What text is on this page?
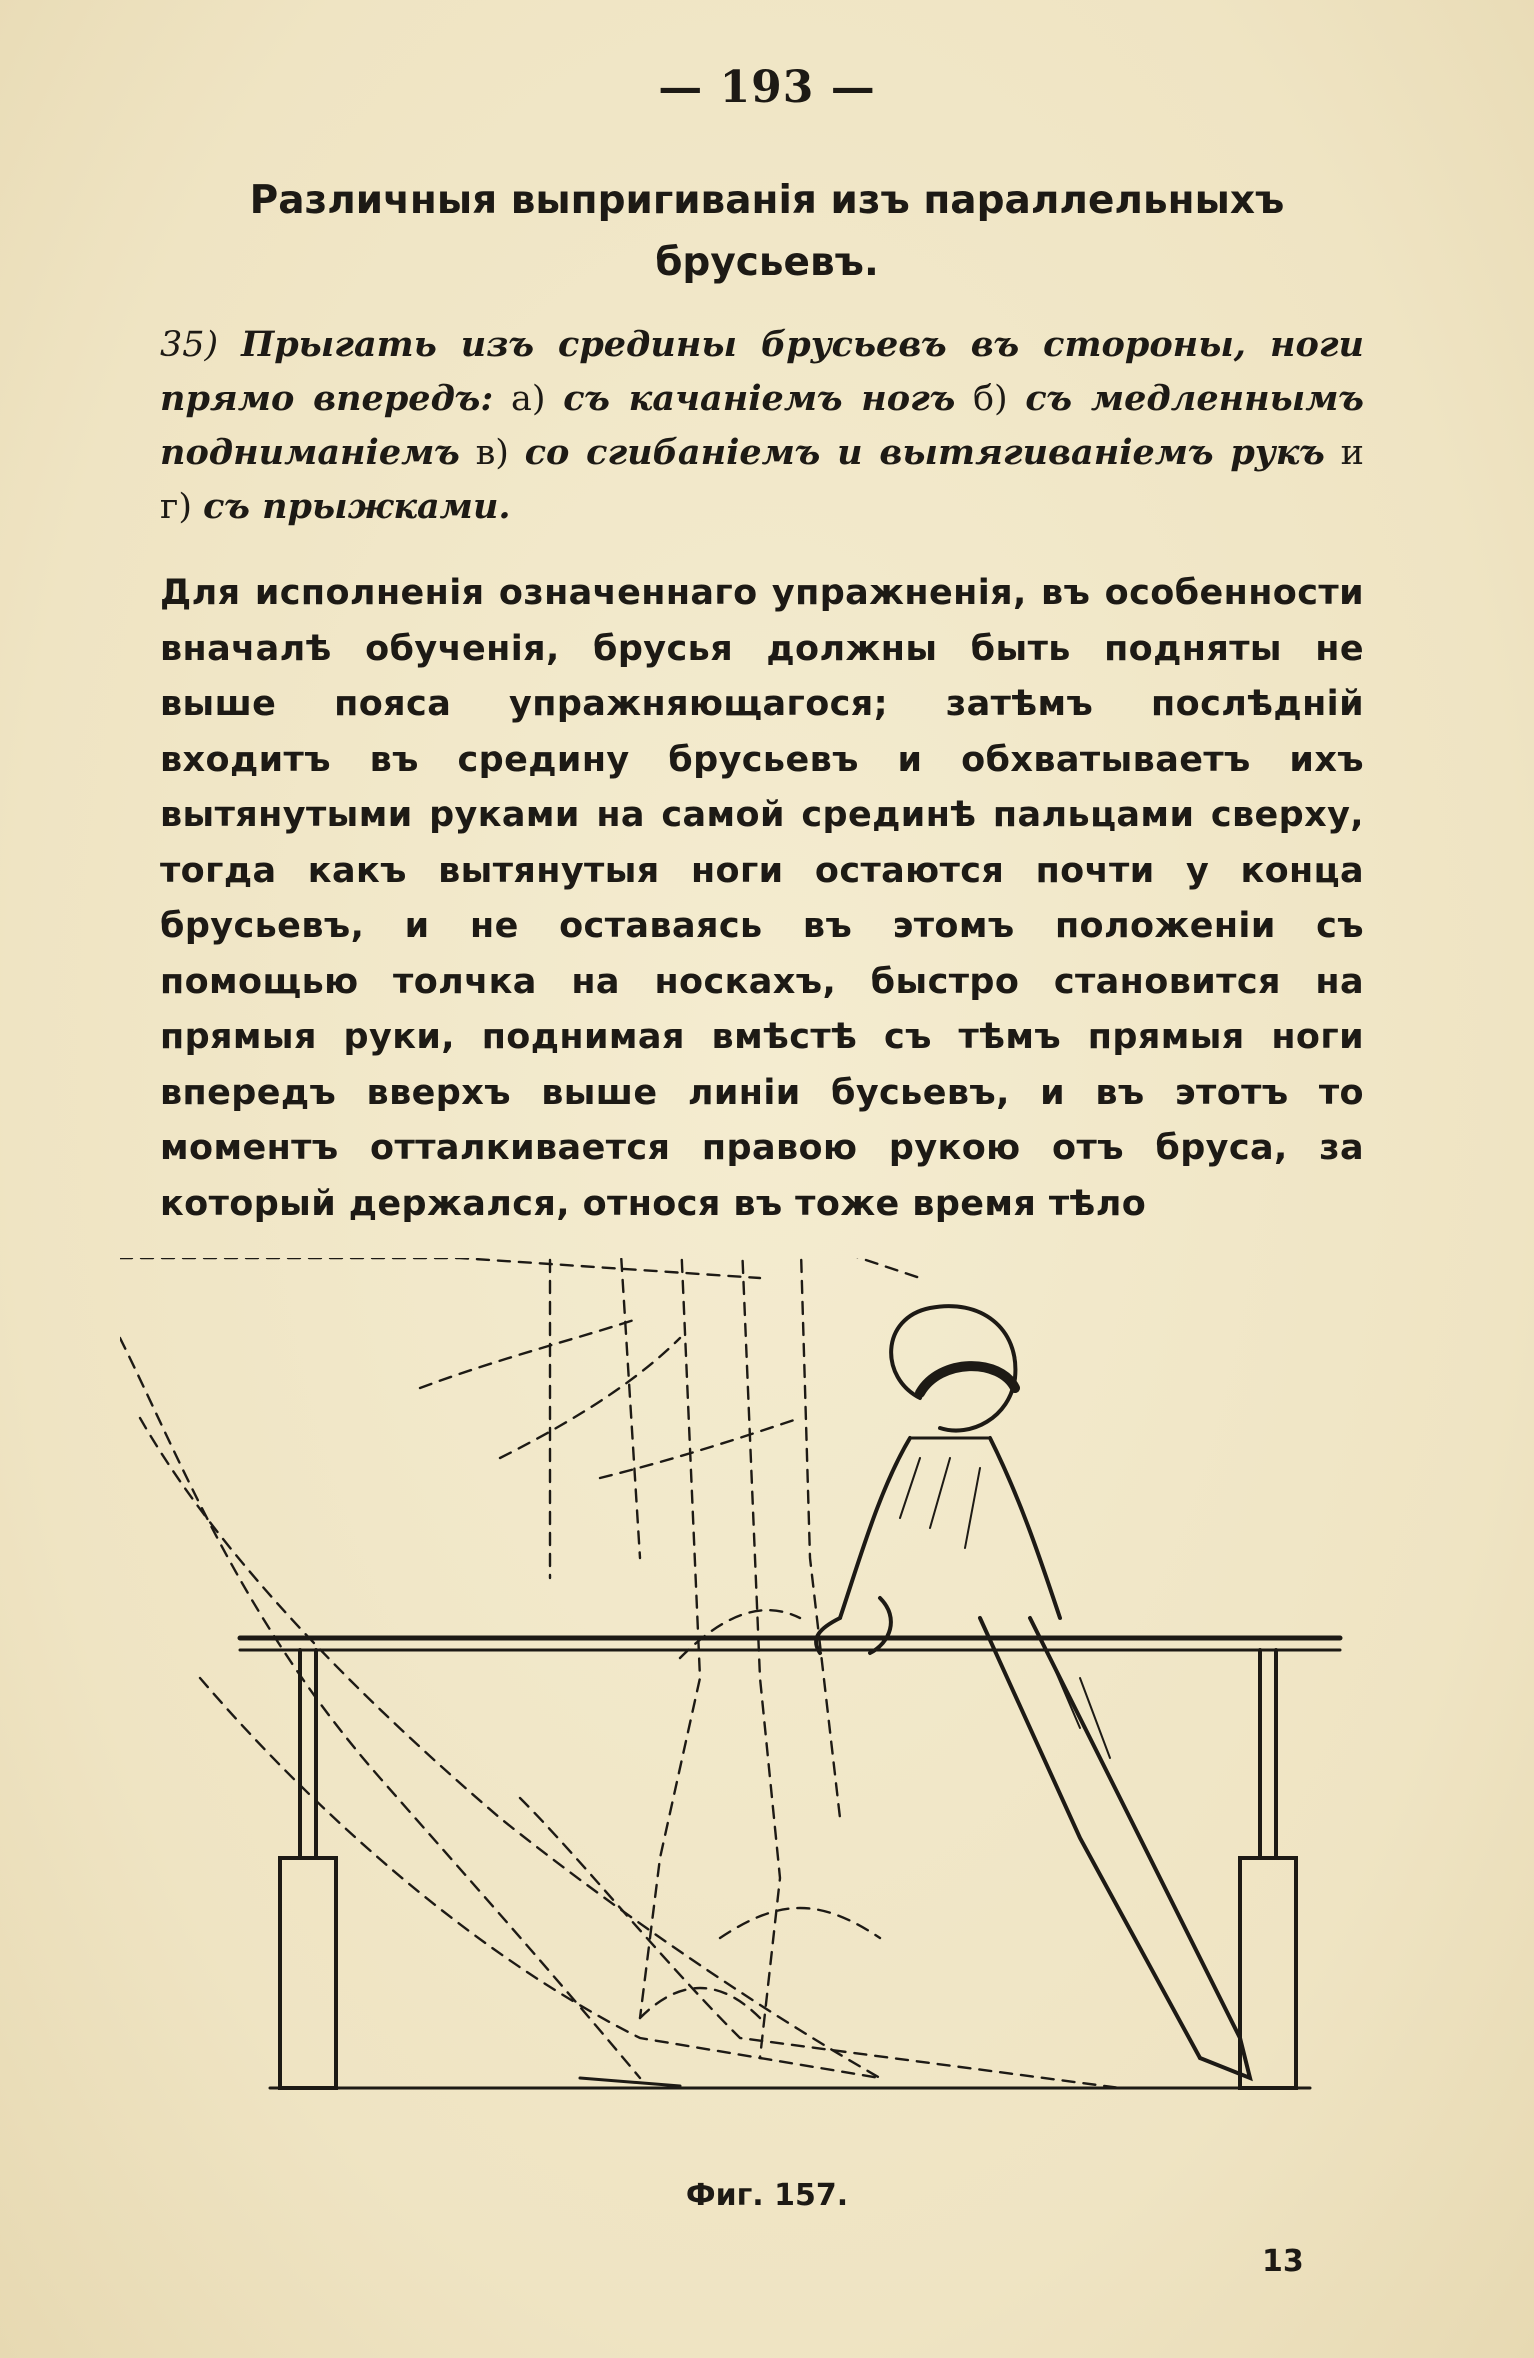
— 193 —
Различныя выпригиванія изъ параллельныхъ брусьевъ.
35) Прыгать изъ средины брусьевъ въ стороны, ноги прямо впередъ: а) съ качаніемъ ногъ б) съ медленнымъ подниманіемъ в) со сгибаніемъ и вытягиваніемъ рукъ и г) съ прыжками.

Для исполненія означеннаго упражненія, въ особенности вначалѣ обученія, брусья должны быть подняты не выше пояса упражняющагося; затѣмъ послѣдній входитъ въ средину брусьевъ и обхватываетъ ихъ вытянутыми руками на самой срединѣ пальцами сверху, тогда какъ вытянутыя ноги остаются почти у конца брусьевъ, и не оставаясь въ этомъ положеніи съ помощью толчка на носкахъ, быстро становится на прямыя руки, поднимая вмѣстѣ съ тѣмъ прямыя ноги впередъ вверхъ выше линіи бусьевъ, и въ этотъ то моментъ отталкивается правою рукою отъ бруса, за который держался, относя въ тоже время тѣло

Фиг. 157.
13
